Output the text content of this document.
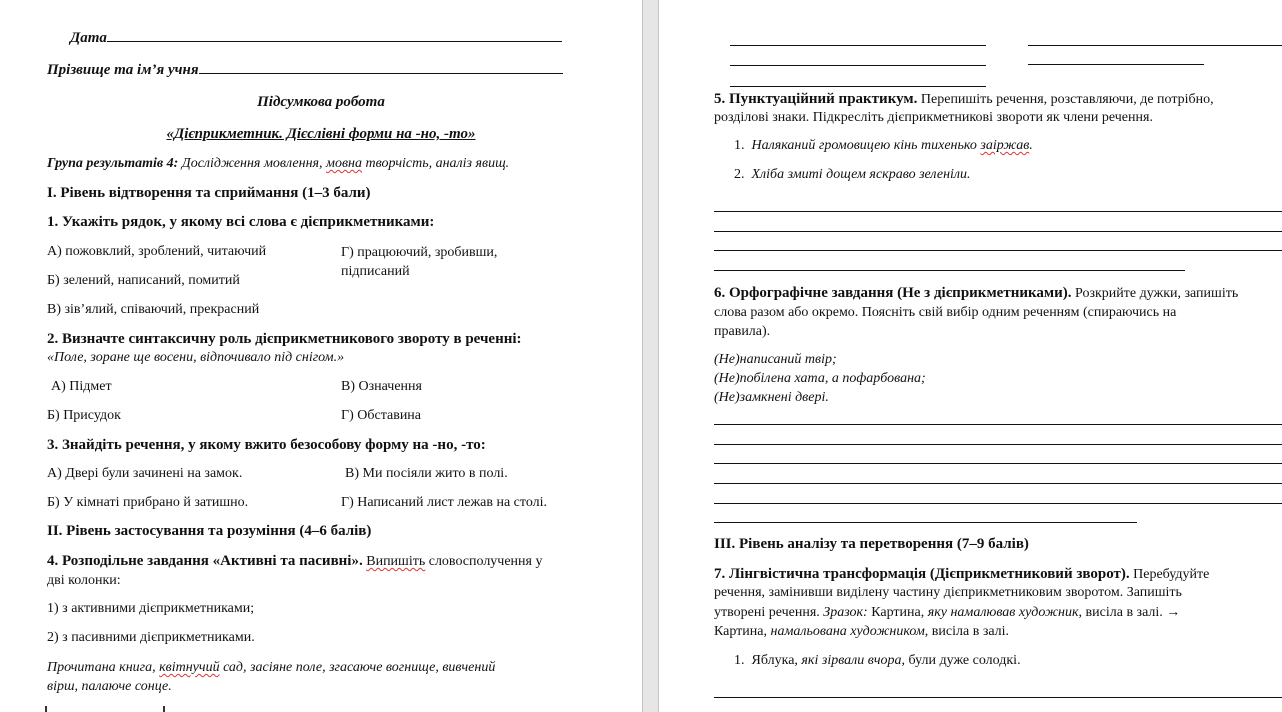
Дата
Прізвище та ім’я учня
Підсумкова робота
«Дієприкметник. Дієслівні форми на -но, -то»
Група результатів 4: Дослідження мовлення, мовна творчість, аналіз явищ.
І. Рівень відтворення та сприймання (1–3 бали)
1. Укажіть рядок, у якому всі слова є дієприкметниками:
А) пожовклий, зроблений, читаючий
Б) зелений, написаний, помитий
В) зів’ялий, співаючий, прекрасний
Г) працюючий, зробивши,
підписаний
2. Визначте синтаксичну роль дієприкметникового звороту в реченні:
«Поле, зоране ще восени, відпочивало під снігом.»
А) Підмет
Б) Присудок
В) Означення
Г) Обставина
3. Знайдіть речення, у якому вжито безособову форму на -но, -то:
А) Двері були зачинені на замок.
Б) У кімнаті прибрано й затишно.
В) Ми посіяли жито в полі.
Г) Написаний лист лежав на столі.
ІІ. Рівень застосування та розуміння (4–6 балів)
4. Розподільне завдання «Активні та пасивні». Випишіть словосполучення у
дві колонки:
1) з активними дієприкметниками;
2) з пасивними дієприкметниками.
Прочитана книга, квітнучий сад, засіяне поле, згасаюче вогнище, вивчений
вірш, палаюче сонце.
5. Пунктуаційний практикум. Перепишіть речення, розставляючи, де потрібно,
розділові знаки. Підкресліть дієприкметникові звороти як члени речення.
1. Наляканий громовицею кінь тихенько заіржав.
2. Хліба змиті дощем яскраво зеленіли.
6. Орфографічне завдання (Не з дієприкметниками). Розкрийте дужки, запишіть
слова разом або окремо. Поясніть свій вибір одним реченням (спираючись на
правила).
(Не)написаний твір;
(Не)побілена хата, а пофарбована;
(Не)замкнені двері.
ІІІ. Рівень аналізу та перетворення (7–9 балів)
7. Лінгвістична трансформація (Дієприкметниковий зворот). Перебудуйте
речення, замінивши виділену частину дієприкметниковим зворотом. Запишіть
утворені речення. Зразок: Картина, яку намалював художник, висіла в залі. →
Картина, намальована художником, висіла в залі.
1. Яблука, які зірвали вчора, були дуже солодкі.
